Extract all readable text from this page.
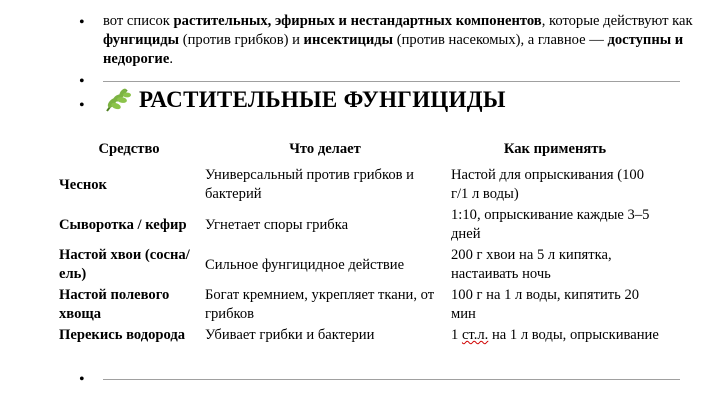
•
•
•
•
вот список растительных, эфирных и нестандартных компонентов, которые действуют как фунгициды (против грибков) и инсектициды (против насекомых), а главное — доступны и недорогие.
РАСТИТЕЛЬНЫЕ ФУНГИЦИДЫ
Средство	Что делает	Как применять
Чеснок	Универсальный против грибков и бактерий	Настой для опрыскивания (100 г/1 л воды)
Сыворотка / кефир	Угнетает споры грибка	1:10, опрыскивание каждые 3–5 дней
Настой хвои (сосна/ель)	Сильное фунгицидное действие	200 г хвои на 5 л кипятка, настаивать ночь
Настой полевого хвоща	Богат кремнием, укрепляет ткани, от грибков	100 г на 1 л воды, кипятить 20 мин
Перекись водорода	Убивает грибки и бактерии	1 ст.л. на 1 л воды, опрыскивание
